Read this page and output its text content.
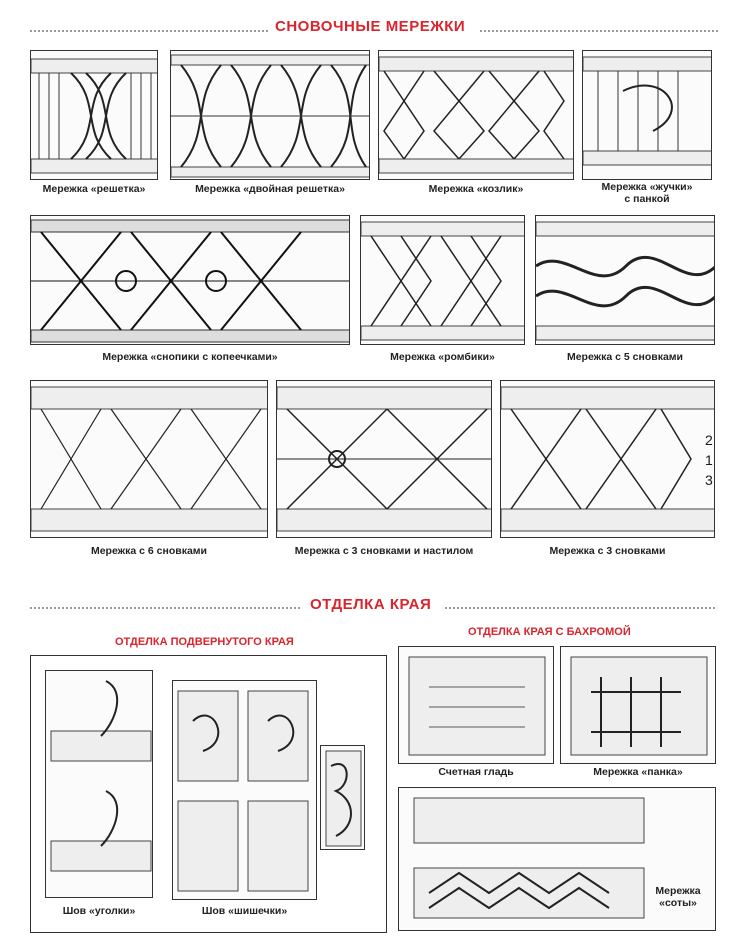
СНОВОЧНЫЕ МЕРЕЖКИ
Мережка «решетка»	Мережка «двойная решетка»	Мережка «козлик»	Мережка «жучки»
с панкой
Мережка «снопики с копеечками»	Мережка «ромбики»	Мережка с 5 сновками
Мережка с 6 сновками	Мережка с 3 сновками и настилом
2
1
3
Мережка с 3 сновками
ОТДЕЛКА КРАЯ
ОТДЕЛКА ПОДВЕРНУТОГО КРАЯ
ОТДЕЛКА КРАЯ С БАХРОМОЙ
Шов «уголки»	Шов «шишечки»
Счетная гладь	Мережка «панка»
Мережка
«соты»
